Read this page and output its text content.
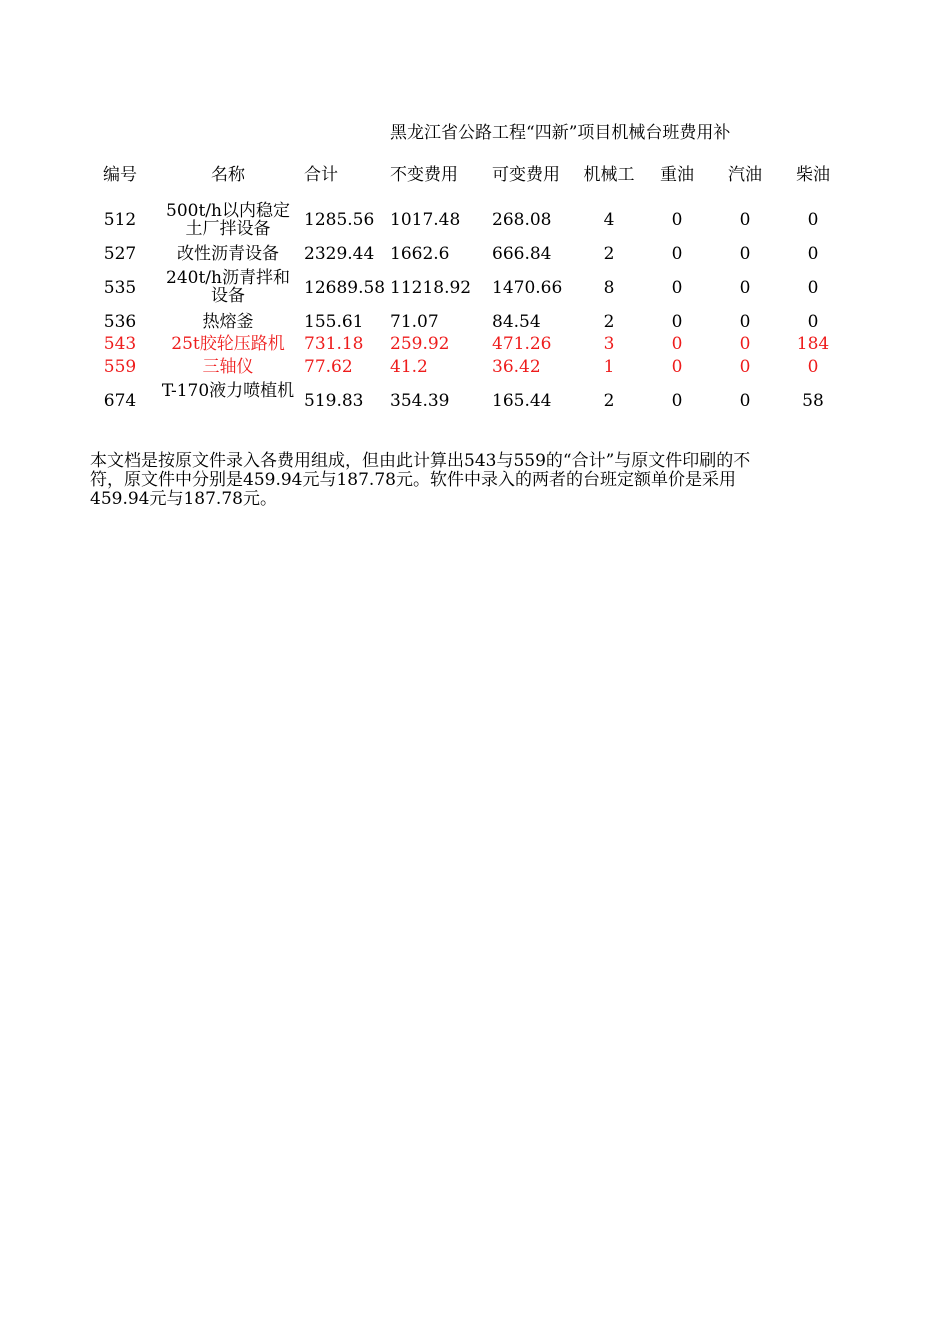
黑龙江省公路工程“四新”项目机械台班费用补
编号	名称	合计	不变费用 可变费用 机械工	重油	汽油	柴油
512	500t/h以内稳定土厂拌设备	1285.56 1017.48 268.08	4	0	0	0
527	改性沥青设备	2329.44 1662.6	666.84	2	0	0	0
535	240t/h沥青拌和设备	12689.58 11218.92 1470.66	8	0	0	0
536	热熔釜	155.61 71.07	84.54	2	0	0	0
543	25t胶轮压路机	731.18 259.92	471.26	3	0	0	184
559	三轴仪	77.62 41.2	36.42	1	0	0	0
674	T-170液力喷植机 519.83 354.39	165.44	2	0	0	58
本文档是按原文件录入各费用组成，但由此计算出543与559的“合计”与原文件印刷的不符，原文件中分别是459.94元与187.78元。软件中录入的两者的台班定额单价是采用459.94元与187.78元。
